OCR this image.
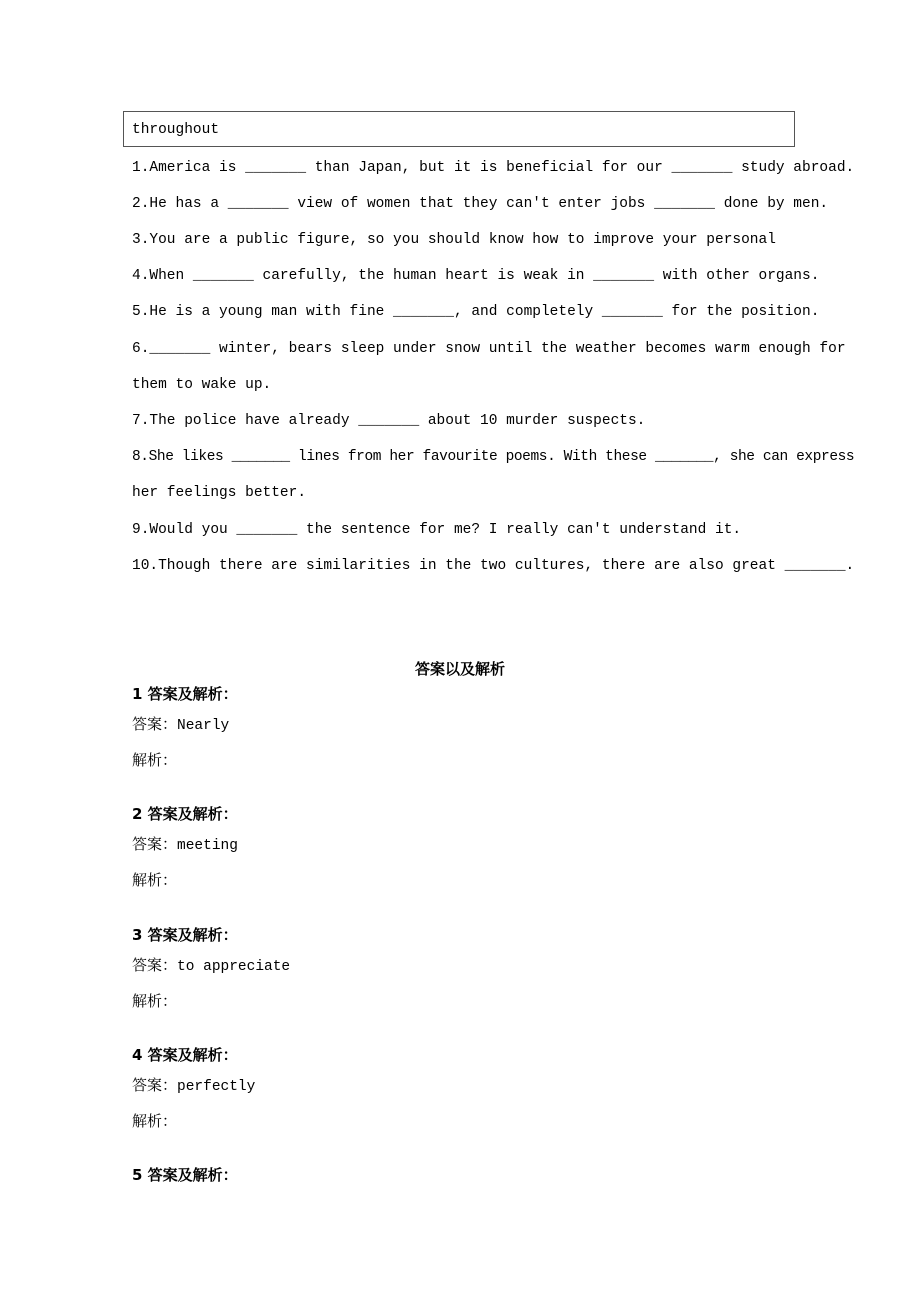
throughout
1.America is _______ than Japan, but it is beneficial for our _______ study abroad.
2.He has a _______ view of women that they can't enter jobs _______ done by men.
3.You are a public figure, so you should know how to improve your personal
4.When _______ carefully, the human heart is weak in _______ with other organs.
5.He is a young man with fine _______, and completely _______ for the position.
6._______ winter, bears sleep under snow until the weather becomes warm enough for
them to wake up.
7.The police have already _______ about 10 murder suspects.
8.She likes _______ lines from her favourite poems. With these _______, she can express
her feelings better.
9.Would you _______ the sentence for me? I really can't understand it.
10.Though there are similarities in the two cultures, there are also great _______.
答案以及解析
1 答案及解析：
答案：Nearly
解析：
2 答案及解析：
答案：meeting
解析：
3 答案及解析：
答案：to appreciate
解析：
4 答案及解析：
答案：perfectly
解析：
5 答案及解析：
